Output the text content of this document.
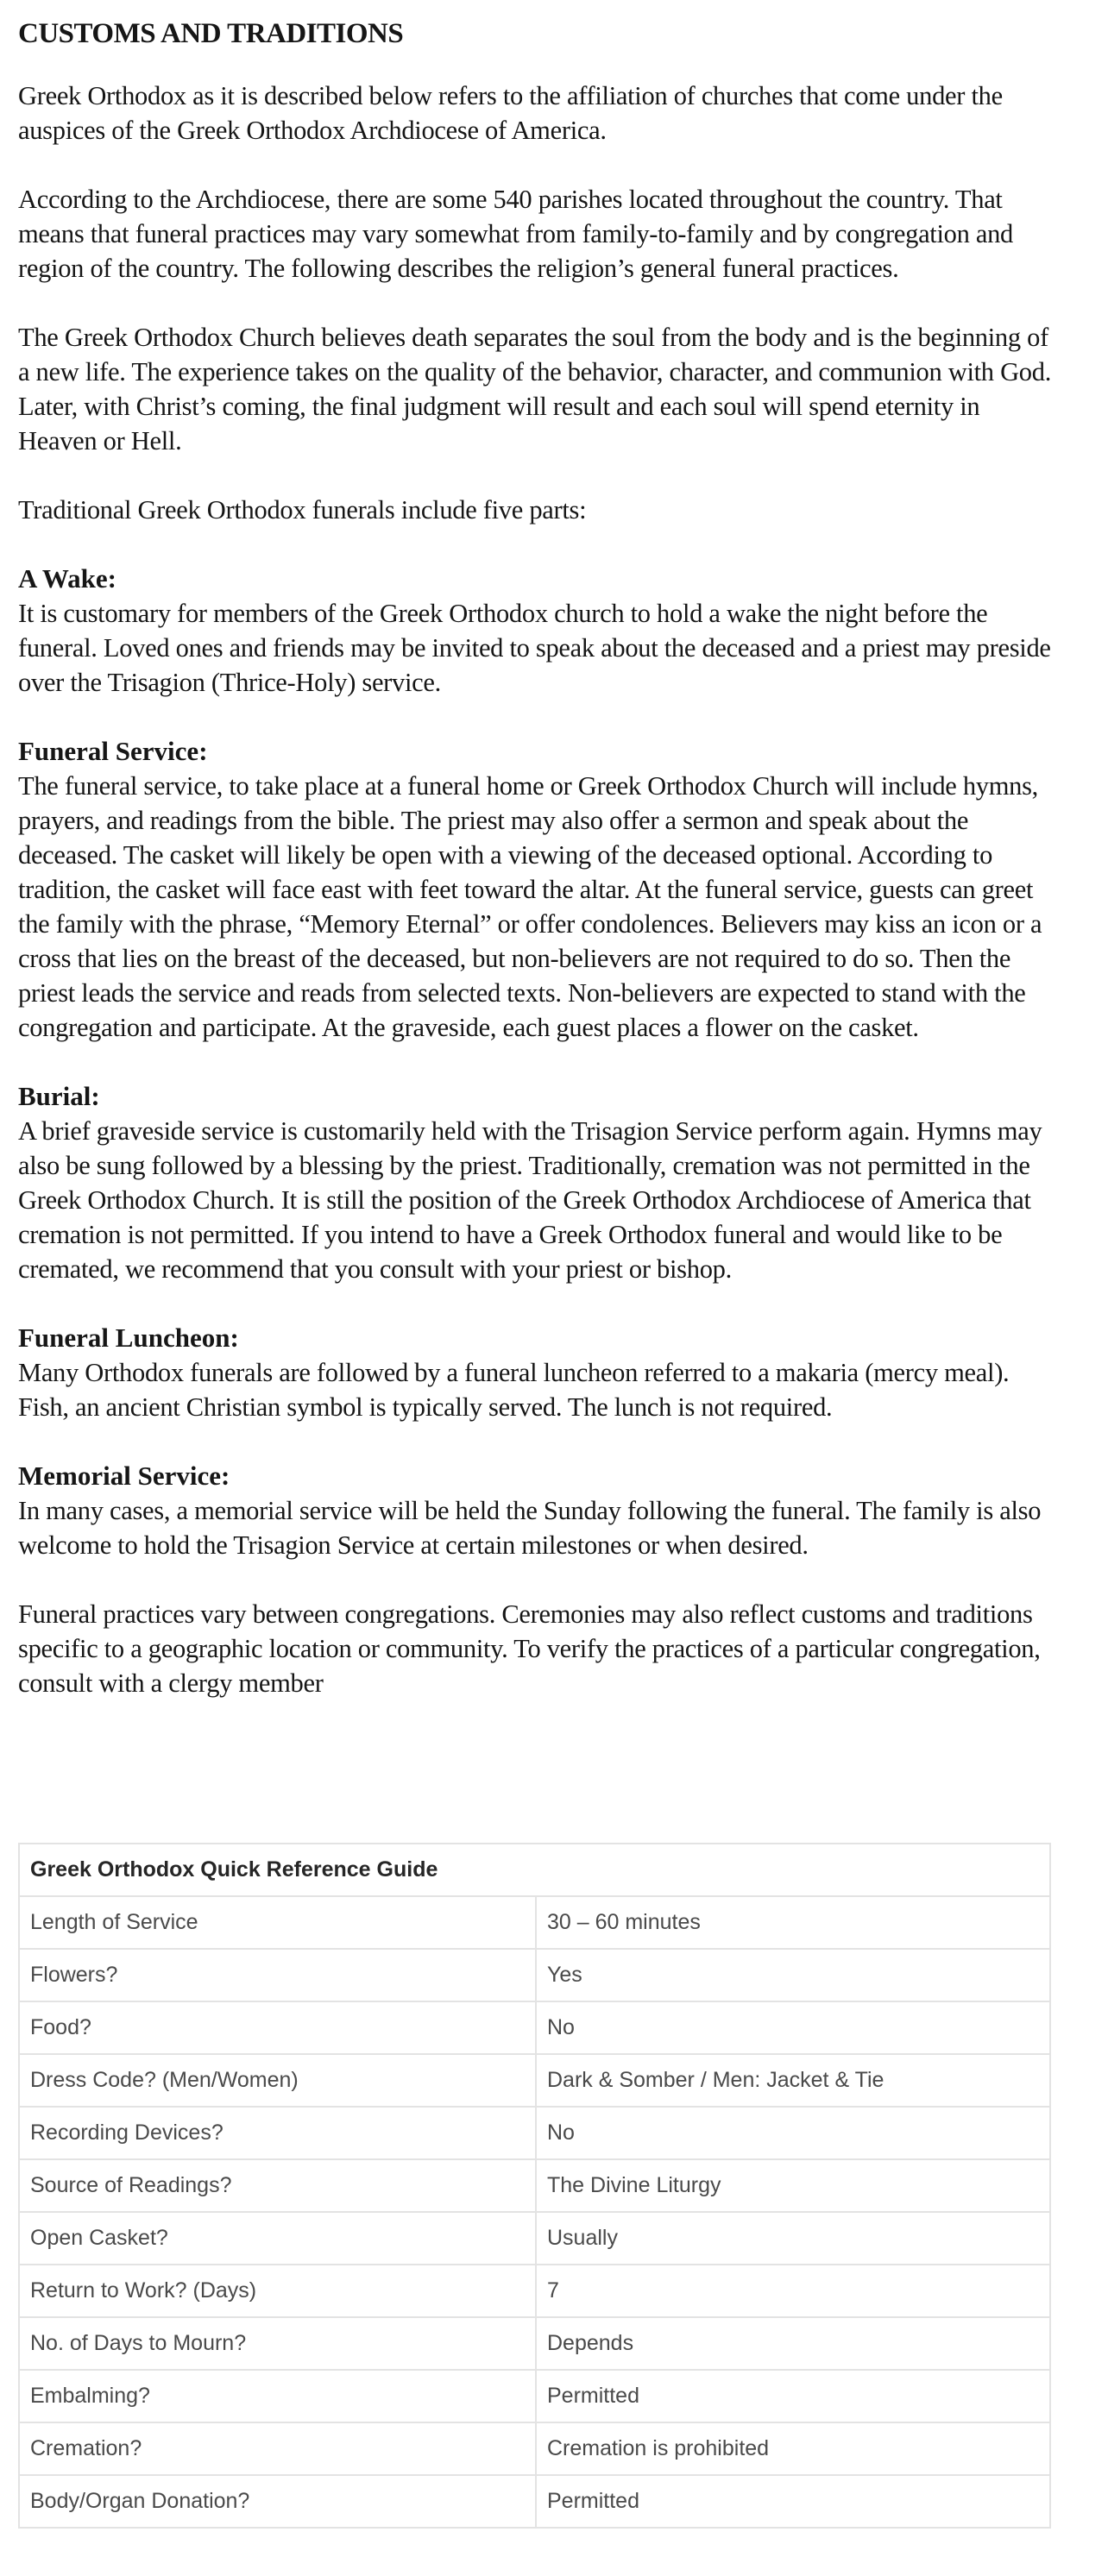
CUSTOMS AND TRADITIONS

Greek Orthodox as it is described below refers to the affiliation of churches that come under the auspices of the Greek Orthodox Archdiocese of America.

According to the Archdiocese, there are some 540 parishes located throughout the country. That means that funeral practices may vary somewhat from family-to-family and by congregation and region of the country. The following describes the religion’s general funeral practices.

The Greek Orthodox Church believes death separates the soul from the body and is the beginning of a new life. The experience takes on the quality of the behavior, character, and communion with God. Later, with Christ’s coming, the final judgment will result and each soul will spend eternity in Heaven or Hell.

Traditional Greek Orthodox funerals include five parts:

A Wake:

It is customary for members of the Greek Orthodox church to hold a wake the night before the funeral. Loved ones and friends may be invited to speak about the deceased and a priest may preside over the Trisagion (Thrice-Holy) service.

Funeral Service:

The funeral service, to take place at a funeral home or Greek Orthodox Church will include hymns, prayers, and readings from the bible. The priest may also offer a sermon and speak about the deceased. The casket will likely be open with a viewing of the deceased optional. According to tradition, the casket will face east with feet toward the altar. At the funeral service, guests can greet the family with the phrase, “Memory Eternal” or offer condolences. Believers may kiss an icon or a cross that lies on the breast of the deceased, but non-believers are not required to do so. Then the priest leads the service and reads from selected texts. Non-believers are expected to stand with the congregation and participate. At the graveside, each guest places a flower on the casket.

Burial:

A brief graveside service is customarily held with the Trisagion Service perform again. Hymns may also be sung followed by a blessing by the priest. Traditionally, cremation was not permitted in the Greek Orthodox Church. It is still the position of the Greek Orthodox Archdiocese of America that cremation is not permitted. If you intend to have a Greek Orthodox funeral and would like to be cremated, we recommend that you consult with your priest or bishop.

Funeral Luncheon:

Many Orthodox funerals are followed by a funeral luncheon referred to a makaria (mercy meal). Fish, an ancient Christian symbol is typically served. The lunch is not required.

Memorial Service:

In many cases, a memorial service will be held the Sunday following the funeral. The family is also welcome to hold the Trisagion Service at certain milestones or when desired.

Funeral practices vary between congregations. Ceremonies may also reflect customs and traditions specific to a geographic location or community. To verify the practices of a particular congregation, consult with a clergy member

Greek Orthodox Quick Reference Guide	
Length of Service	30 – 60 minutes
Flowers?	Yes
Food?	No
Dress Code? (Men/Women)	Dark & Somber / Men: Jacket & Tie
Recording Devices?	No
Source of Readings?	The Divine Liturgy
Open Casket?	Usually
Return to Work? (Days)	7
No. of Days to Mourn?	Depends
Embalming?	Permitted
Cremation?	Cremation is prohibited
Body/Organ Donation?	Permitted
